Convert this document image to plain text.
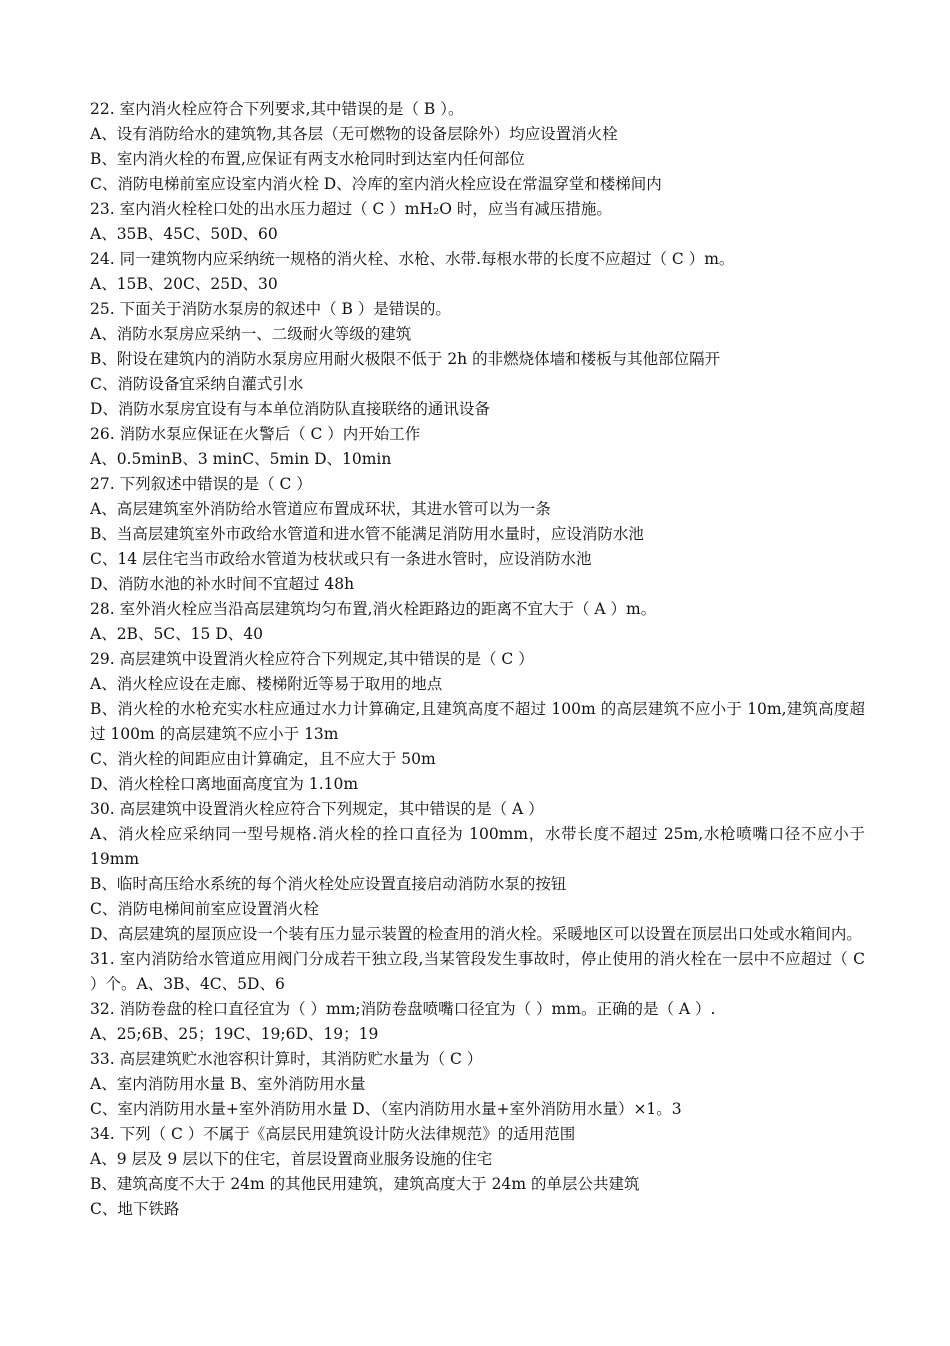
22. 室内消火栓应符合下列要求,其中错误的是（ B ）。
A、设有消防给水的建筑物,其各层（无可燃物的设备层除外）均应设置消火栓
B、室内消火栓的布置,应保证有两支水枪同时到达室内任何部位
C、消防电梯前室应设室内消火栓 D、冷库的室内消火栓应设在常温穿堂和楼梯间内
23. 室内消火栓栓口处的出水压力超过（ C ）mH₂O 时，应当有减压措施。
A、35B、45C、50D、60
24. 同一建筑物内应采纳统一规格的消火栓、水枪、水带.每根水带的长度不应超过（ C ）m。
A、15B、20C、25D、30
25. 下面关于消防水泵房的叙述中（ B ）是错误的。
A、消防水泵房应采纳一、二级耐火等级的建筑
B、附设在建筑内的消防水泵房应用耐火极限不低于 2h 的非燃烧体墙和楼板与其他部位隔开
C、消防设备宜采纳自灌式引水
D、消防水泵房宜设有与本单位消防队直接联络的通讯设备
26. 消防水泵应保证在火警后（ C ）内开始工作
A、0.5minB、3 minC、5min D、10min
27. 下列叙述中错误的是（ C ）
A、高层建筑室外消防给水管道应布置成环状，其进水管可以为一条
B、当高层建筑室外市政给水管道和进水管不能满足消防用水量时，应设消防水池
C、14 层住宅当市政给水管道为枝状或只有一条进水管时，应设消防水池
D、消防水池的补水时间不宜超过 48h
28. 室外消火栓应当沿高层建筑均匀布置,消火栓距路边的距离不宜大于（ A ）m。
A、2B、5C、15 D、40
29. 高层建筑中设置消火栓应符合下列规定,其中错误的是（ C ）
A、消火栓应设在走廊、楼梯附近等易于取用的地点
B、消火栓的水枪充实水柱应通过水力计算确定,且建筑高度不超过 100m 的高层建筑不应小于 10m,建筑高度超过 100m 的高层建筑不应小于 13m
C、消火栓的间距应由计算确定，且不应大于 50m
D、消火栓栓口离地面高度宜为 1.10m
30. 高层建筑中设置消火栓应符合下列规定，其中错误的是（ A ）
A、消火栓应采纳同一型号规格.消火栓的拴口直径为 100mm，水带长度不超过 25m,水枪喷嘴口径不应小于 19mm
B、临时高压给水系统的每个消火栓处应设置直接启动消防水泵的按钮
C、消防电梯间前室应设置消火栓
D、高层建筑的屋顶应设一个装有压力显示装置的检查用的消火栓。采暖地区可以设置在顶层出口处或水箱间内。
31. 室内消防给水管道应用阀门分成若干独立段,当某管段发生事故时，停止使用的消火栓在一层中不应超过（ C ）个。A、3B、4C、5D、6
32. 消防卷盘的栓口直径宜为（ ）mm;消防卷盘喷嘴口径宜为（ ）mm。正确的是（ A ）.
A、25;6B、25；19C、19;6D、19；19
33. 高层建筑贮水池容积计算时，其消防贮水量为（ C ）
A、室内消防用水量 B、室外消防用水量
C、室内消防用水量+室外消防用水量 D、（室内消防用水量+室外消防用水量）×1。3
34. 下列（ C ）不属于《高层民用建筑设计防火法律规范》的适用范围
A、9 层及 9 层以下的住宅，首层设置商业服务设施的住宅
B、建筑高度不大于 24m 的其他民用建筑，建筑高度大于 24m 的单层公共建筑
C、地下铁路
